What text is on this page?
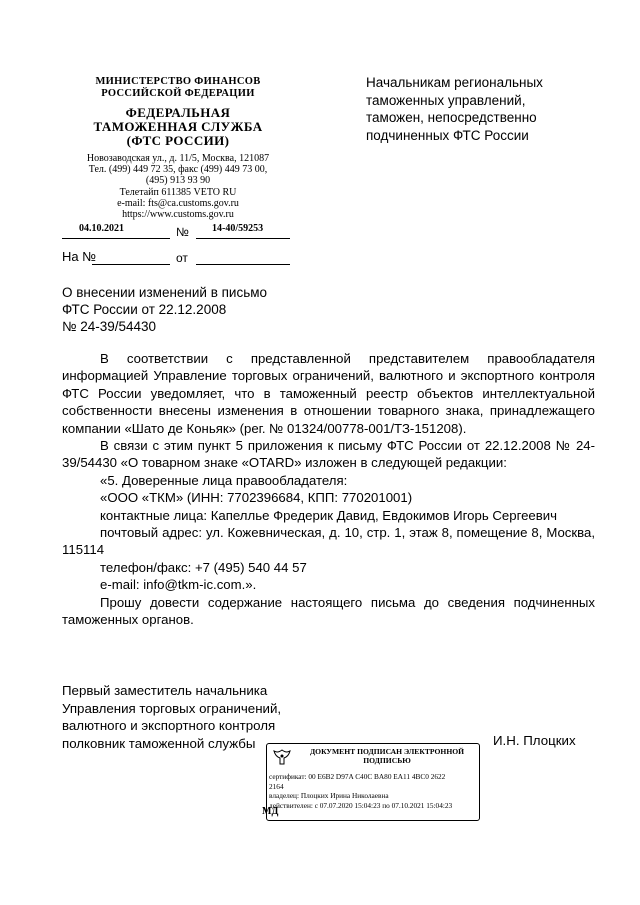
МИНИСТЕРСТВО ФИНАНСОВ
РОССИЙСКОЙ ФЕДЕРАЦИИ
ФЕДЕРАЛЬНАЯ
ТАМОЖЕННАЯ СЛУЖБА
(ФТС РОССИИ)
Новозаводская ул., д. 11/5, Москва, 121087
Тел. (499) 449 72 35, факс (499) 449 73 00,
(495) 913 93 90
Телетайп 611385 VETO RU
e-mail: fts@ca.customs.gov.ru
https://www.customs.gov.ru
Начальникам региональных
таможенных управлений,
таможен, непосредственно
подчиненных ФТС России
04.10.2021	№ 14-40/59253
На №	от
О внесении изменений в письмо
ФТС России от 22.12.2008
№ 24-39/54430

В соответствии с представленной представителем правообладателя информацией Управление торговых ограничений, валютного и экспортного контроля ФТС России уведомляет, что в таможенный реестр объектов интеллектуальной собственности внесены изменения в отношении товарного знака, принадлежащего компании «Шато де Коньяк» (рег. № 01324/00778-001/ТЗ-151208).

В связи с этим пункт 5 приложения к письму ФТС России от 22.12.2008 № 24-39/54430 «О товарном знаке «OTARD» изложен в следующей редакции:

«5. Доверенные лица правообладателя:

«ООО «ТКМ» (ИНН: 7702396684, КПП: 770201001)

контактные лица: Капеллье Фредерик Давид, Евдокимов Игорь Сергеевич

почтовый адрес: ул. Кожевническая, д. 10, стр. 1, этаж 8, помещение 8, Москва, 115114

телефон/факс: +7 (495) 540 44 57

e-mail: info@tkm-ic.com.».

Прошу довести содержание настоящего письма до сведения подчиненных таможенных органов.

Первый заместитель начальника
Управления торговых ограничений,
валютного и экспортного контроля
полковник таможенной службы	И.Н. Плоцких
ДОКУМЕНТ ПОДПИСАН ЭЛЕКТРОННОЙ ПОДПИСЬЮ
сертификат: 00 E6B2 D97A C40C BA80 EA11 4BC0 2622
2164
владелец: Плоцких Ирина Николаевна
действителен: с 07.07.2020 15:04:23 по 07.10.2021 15:04:23
МД
